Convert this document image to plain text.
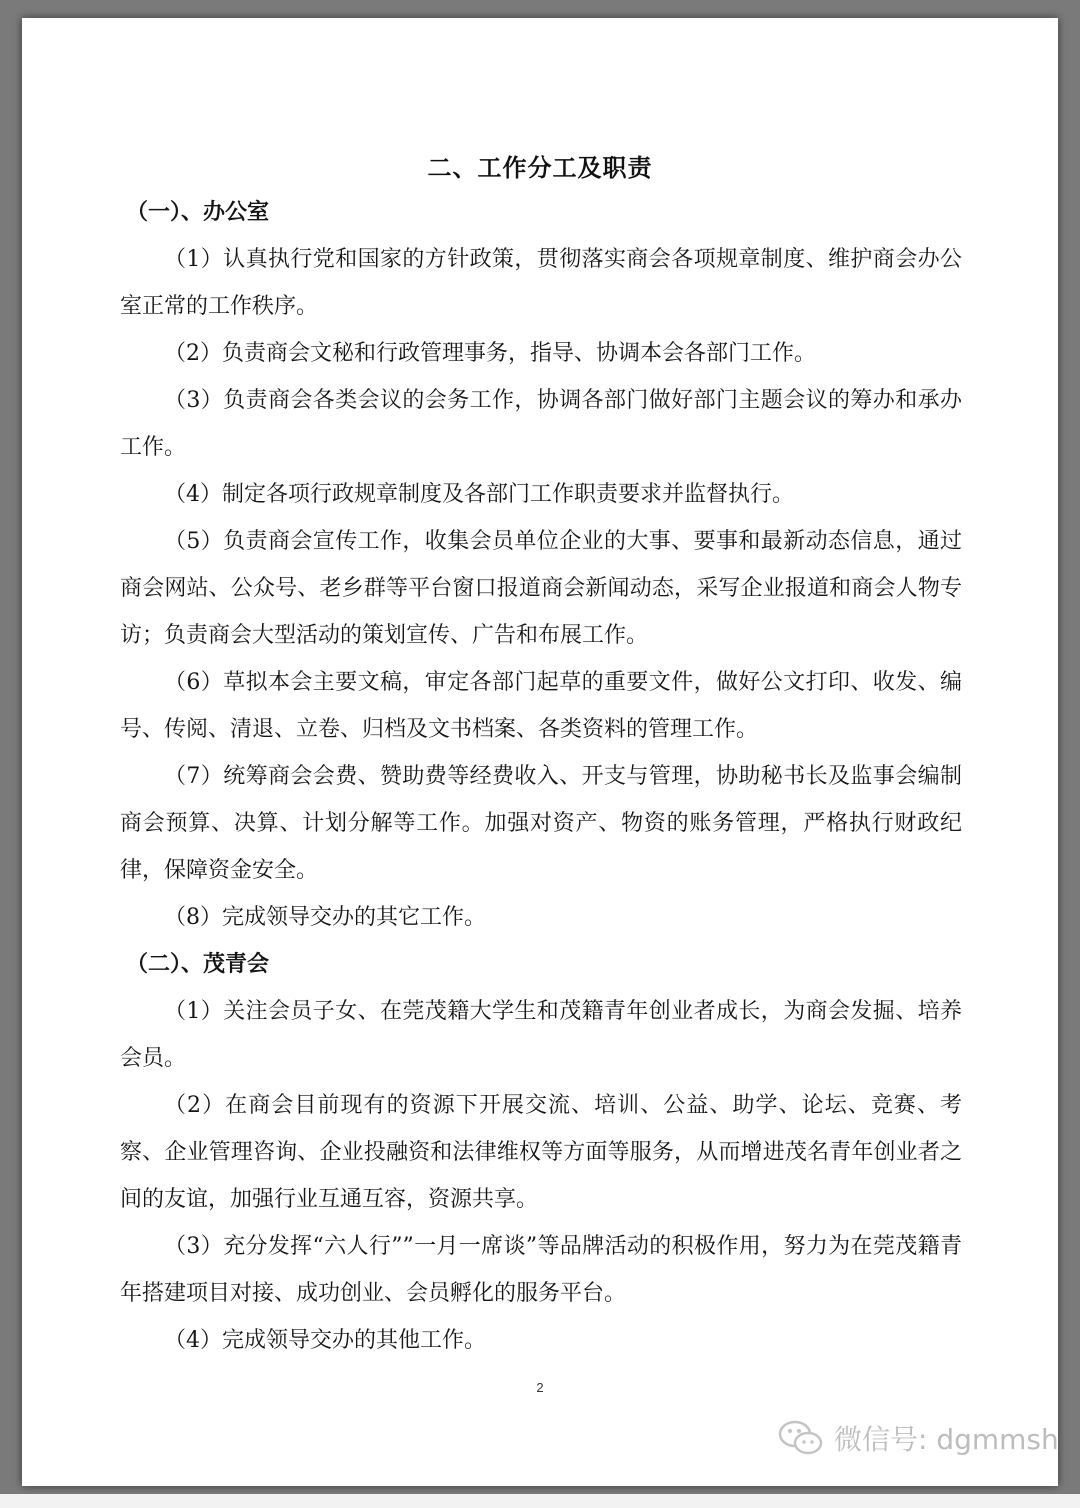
二、工作分工及职责
（一）、办公室
（1）认真执行党和国家的方针政策，贯彻落实商会各项规章制度、维护商会办公室正常的工作秩序。
（2）负责商会文秘和行政管理事务，指导、协调本会各部门工作。
（3）负责商会各类会议的会务工作，协调各部门做好部门主题会议的筹办和承办工作。
（4）制定各项行政规章制度及各部门工作职责要求并监督执行。
（5）负责商会宣传工作，收集会员单位企业的大事、要事和最新动态信息，通过商会网站、公众号、老乡群等平台窗口报道商会新闻动态，采写企业报道和商会人物专访；负责商会大型活动的策划宣传、广告和布展工作。
（6）草拟本会主要文稿，审定各部门起草的重要文件，做好公文打印、收发、编号、传阅、清退、立卷、归档及文书档案、各类资料的管理工作。
（7）统筹商会会费、赞助费等经费收入、开支与管理，协助秘书长及监事会编制商会预算、决算、计划分解等工作。加强对资产、物资的账务管理，严格执行财政纪律，保障资金安全。
（8）完成领导交办的其它工作。
（二）、茂青会
（1）关注会员子女、在莞茂籍大学生和茂籍青年创业者成长，为商会发掘、培养会员。
（2）在商会目前现有的资源下开展交流、培训、公益、助学、论坛、竞赛、考察、企业管理咨询、企业投融资和法律维权等方面等服务，从而增进茂名青年创业者之间的友谊，加强行业互通互容，资源共享。
（3）充分发挥“六人行””一月一席谈”等品牌活动的积极作用，努力为在莞茂籍青年搭建项目对接、成功创业、会员孵化的服务平台。
（4）完成领导交办的其他工作。
2
微信号: dgmmsh
